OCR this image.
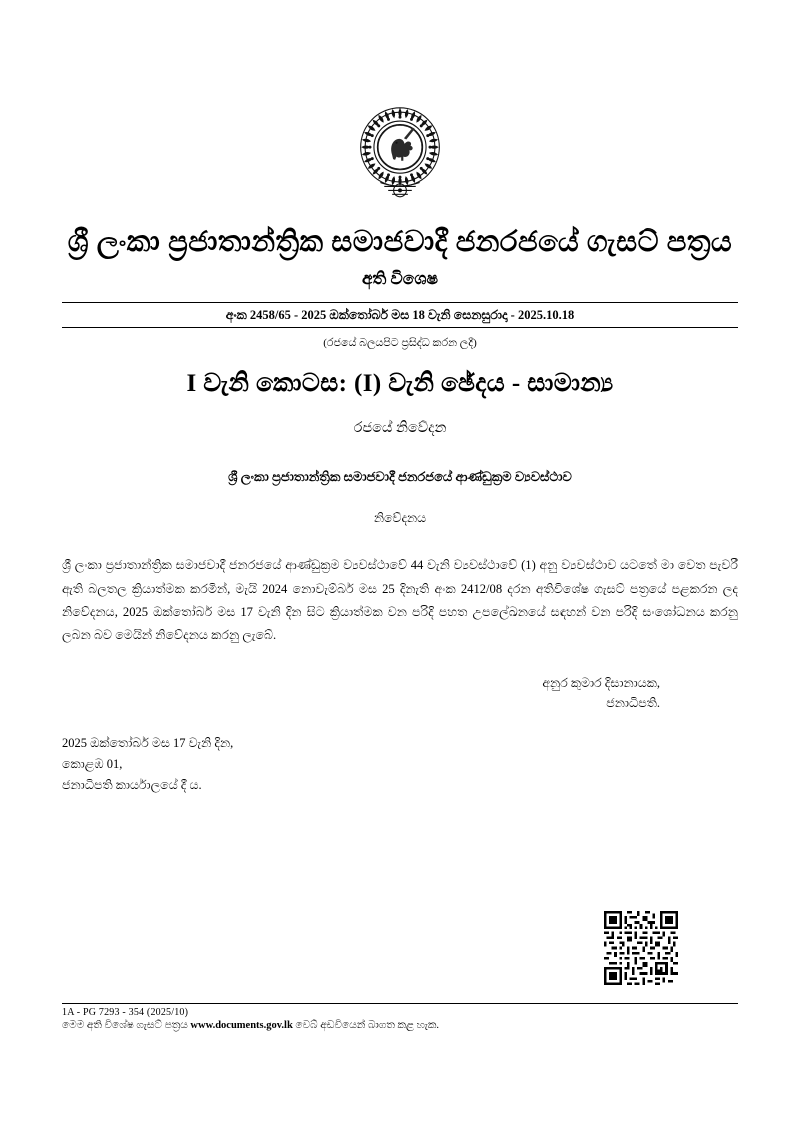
ශ්‍රී ලංකා ප්‍රජාතාන්ත්‍රික සමාජවාදී ජනරජයේ ගැසට් පත්‍රය
අති විශෙෂ
අංක 2458/65 - 2025 ඔක්තෝබර් මස 18 වැනි සෙනසුරාදා - 2025.10.18
(රජයේ බලයපිට ප්‍රසිද්ධ කරන ලදී)
I වැනි කොටස: (I) වැනි ඡේදය - සාමාන්‍ය
රජයේ නිවේදන
ශ්‍රී ලංකා ප්‍රජාතාන්ත්‍රික සමාජවාදී ජනරජයේ ආණ්ඩුක්‍රම ව්‍යවස්ථාව
නිවේදනය
ශ්‍රී ලංකා ප්‍රජාතාන්ත්‍රික සමාජවාදී ජනරජයේ ආණ්ඩුක්‍රම ව්‍යවස්ථාවේ 44 වැනි ව්‍යවස්ථාවේ (1) අනු ව්‍යවස්ථාව යටතේ මා වෙත පැවරී ඇති බලතල ක්‍රියාත්මක කරමින්, මැයි 2024 නොවැම්බර් මස 25 දිනැති අංක 2412/08 දරන අතිවිශේෂ ගැසට් පත්‍රයේ පළකරන ලද නිවේදනය, 2025 ඔක්තෝබර් මස 17 වැනි දින සිට ක්‍රියාත්මක වන පරිදි පහත උපලේඛනයේ සඳහන් වන පරිදි සංශෝධනය කරනු ලබන බව මෙයින් නිවේදනය කරනු ලැබේ.
අනුර කුමාර දිසානායක,
ජනාධිපති.
2025 ඔක්තෝබර් මස 17 වැනි දින,
කොළඹ 01,
ජනාධිපති කාර්යාලයේ දී ය.
1A - PG 7293 - 354 (2025/10)
මෙම අති විශේෂ ගැසට් පත්‍රය www.documents.gov.lk වෙබ් අඩවියෙන් බාගත කළ හැක.
